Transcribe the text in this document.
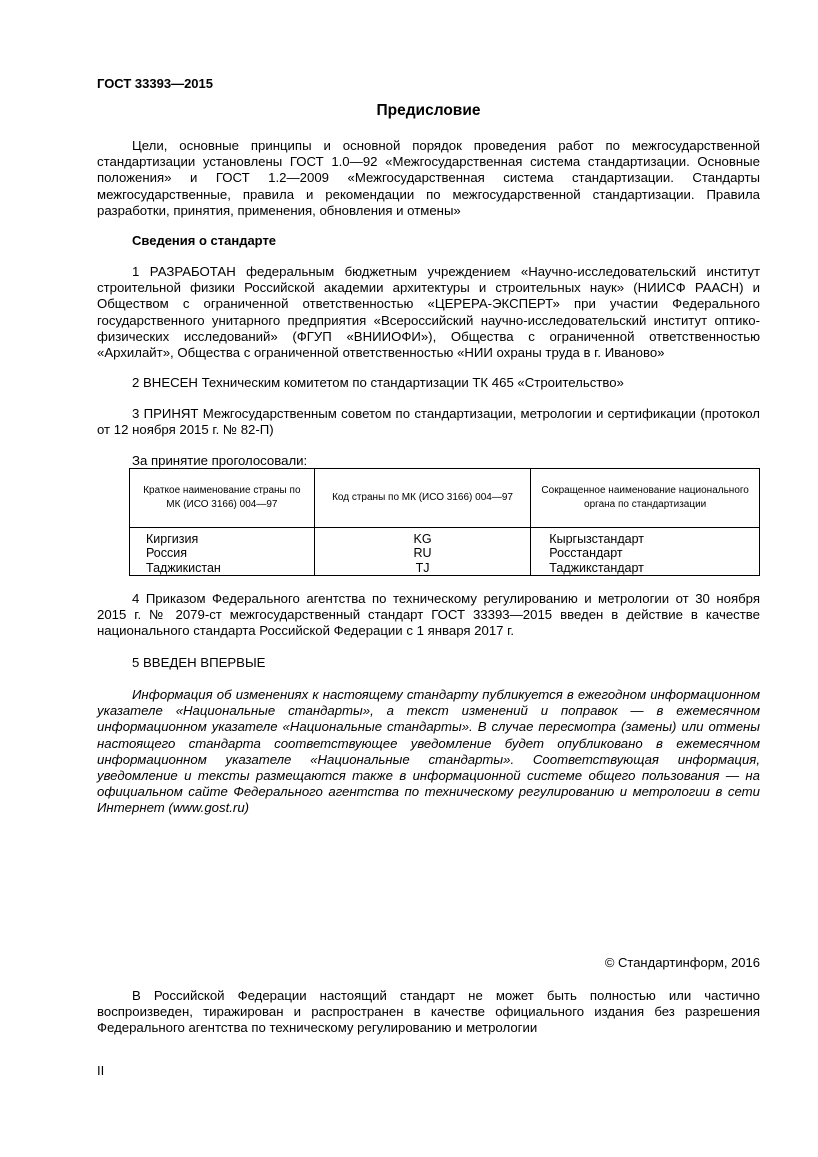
ГОСТ 33393—2015
Предисловие

Цели, основные принципы и основной порядок проведения работ по межгосударственной стандартизации установлены ГОСТ 1.0—92 «Межгосударственная система стандартизации. Основные положения» и ГОСТ 1.2—2009 «Межгосударственная система стандартизации. Стандарты межгосударственные, правила и рекомендации по межгосударственной стандартизации. Правила разработки, принятия, применения, обновления и отмены»

Сведения о стандарте

1 РАЗРАБОТАН федеральным бюджетным учреждением «Научно-исследовательский институт строительной физики Российской академии архитектуры и строительных наук» (НИИСФ РААСН) и Обществом с ограниченной ответственностью «ЦЕРЕРА-ЭКСПЕРТ» при участии Федерального государственного унитарного предприятия «Всероссийский научно-исследовательский институт оптико-физических исследований» (ФГУП «ВНИИОФИ»), Общества с ограниченной ответственностью «Архилайт», Общества с ограниченной ответственностью «НИИ охраны труда в г. Иваново»

2 ВНЕСЕН Техническим комитетом по стандартизации ТК 465 «Строительство»

3 ПРИНЯТ Межгосударственным советом по стандартизации, метрологии и сертификации (протокол от 12 ноября 2015 г. № 82-П)

За принятие проголосовали:
Краткое наименование страны по МК (ИСО 3166) 004—97	Код страны по МК (ИСО 3166) 004—97	Сокращенное наименование национального органа по стандартизации
Киргизия	KG	Кыргызстандарт
Россия	RU	Росстандарт
Таджикистан	TJ	Таджикстандарт

4 Приказом Федерального агентства по техническому регулированию и метрологии от 30 ноября 2015 г. № 2079-ст межгосударственный стандарт ГОСТ 33393—2015 введен в действие в качестве национального стандарта Российской Федерации с 1 января 2017 г.

5 ВВЕДЕН ВПЕРВЫЕ

Информация об изменениях к настоящему стандарту публикуется в ежегодном информационном указателе «Национальные стандарты», а текст изменений и поправок — в ежемесячном информационном указателе «Национальные стандарты». В случае пересмотра (замены) или отмены настоящего стандарта соответствующее уведомление будет опубликовано в ежемесячном информационном указателе «Национальные стандарты». Соответствующая информация, уведомление и тексты размещаются также в информационной системе общего пользования — на официальном сайте Федерального агентства по техническому регулированию и метрологии в сети Интернет (www.gost.ru)

© Стандартинформ, 2016

В Российской Федерации настоящий стандарт не может быть полностью или частично воспроизведен, тиражирован и распространен в качестве официального издания без разрешения Федерального агентства по техническому регулированию и метрологии

II
